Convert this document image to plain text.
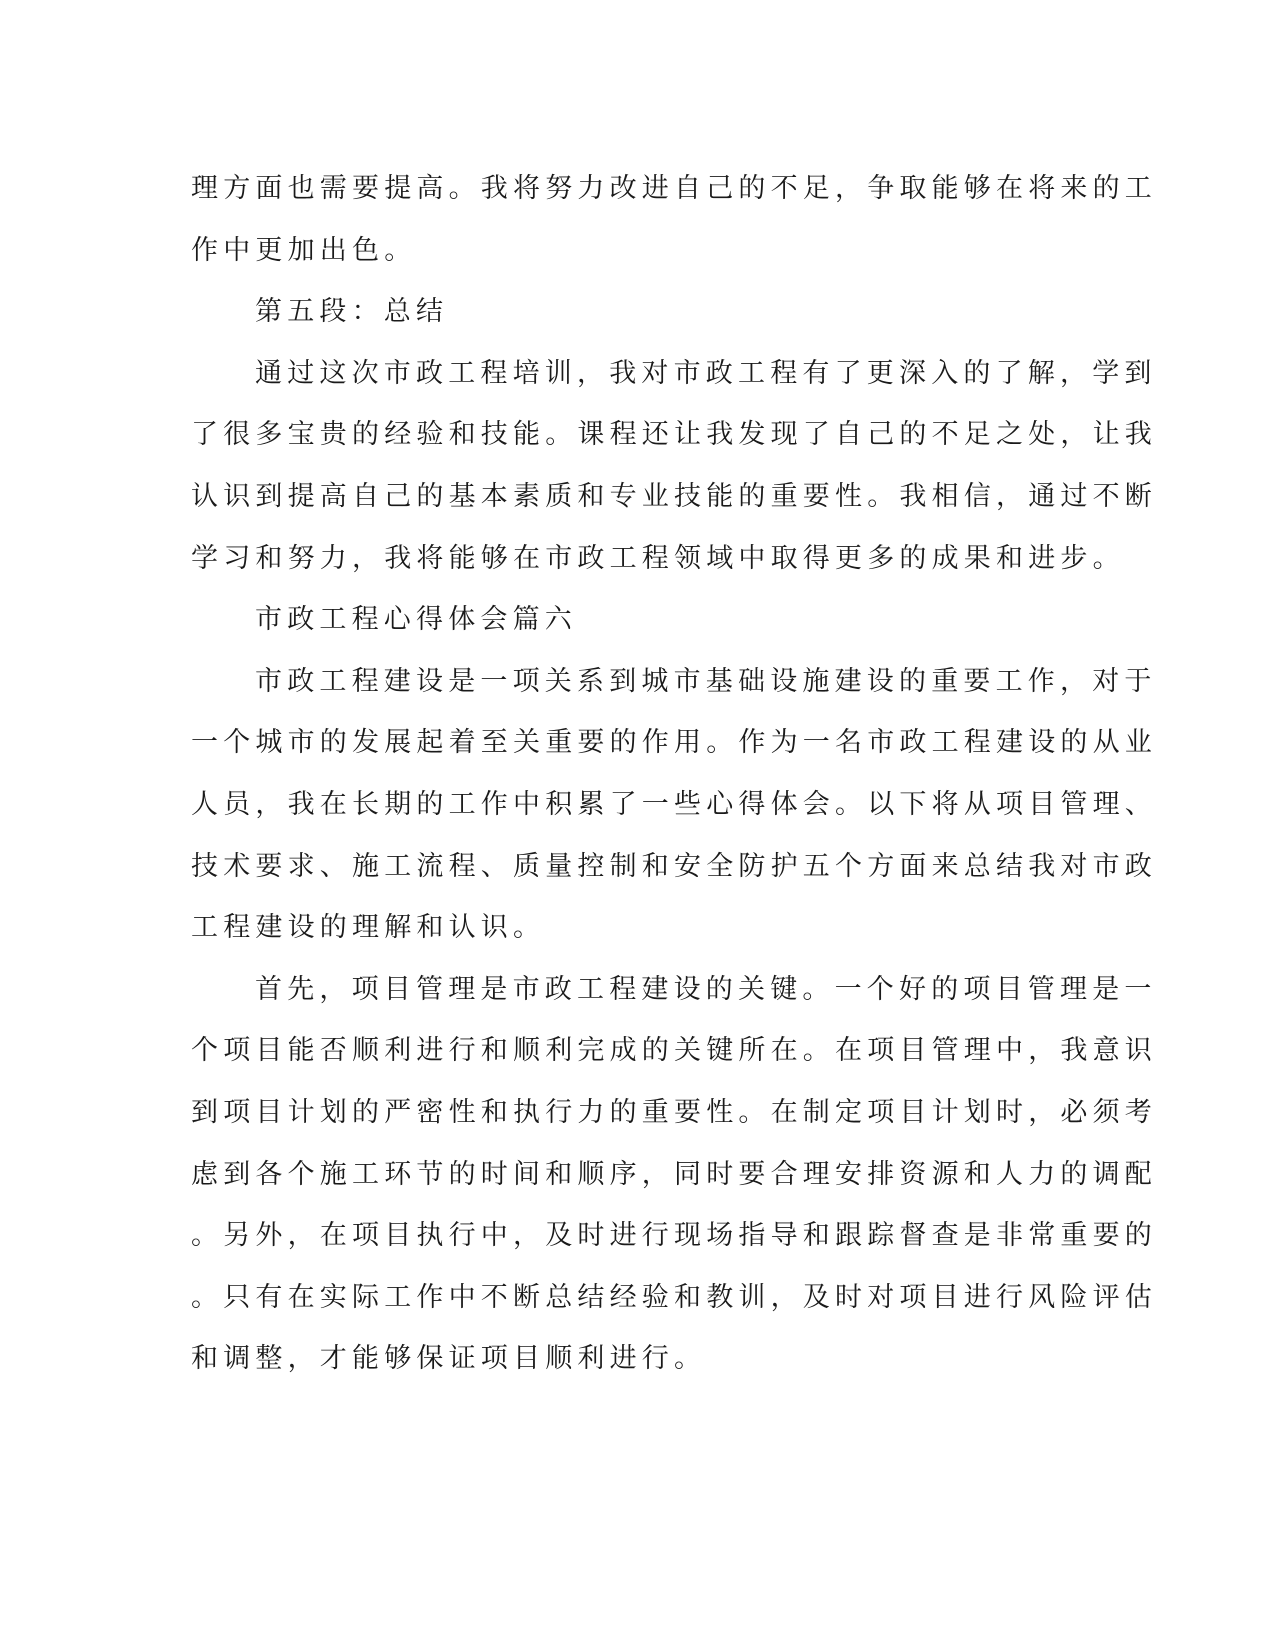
理方面也需要提高。我将努力改进自己的不足，争取能够在将来的工
作中更加出色。
第五段：总结
通过这次市政工程培训，我对市政工程有了更深入的了解，学到
了很多宝贵的经验和技能。课程还让我发现了自己的不足之处，让我
认识到提高自己的基本素质和专业技能的重要性。我相信，通过不断
学习和努力，我将能够在市政工程领域中取得更多的成果和进步。
市政工程心得体会篇六
市政工程建设是一项关系到城市基础设施建设的重要工作，对于
一个城市的发展起着至关重要的作用。作为一名市政工程建设的从业
人员，我在长期的工作中积累了一些心得体会。以下将从项目管理、
技术要求、施工流程、质量控制和安全防护五个方面来总结我对市政
工程建设的理解和认识。
首先，项目管理是市政工程建设的关键。一个好的项目管理是一
个项目能否顺利进行和顺利完成的关键所在。在项目管理中，我意识
到项目计划的严密性和执行力的重要性。在制定项目计划时，必须考
虑到各个施工环节的时间和顺序，同时要合理安排资源和人力的调配
。另外，在项目执行中，及时进行现场指导和跟踪督查是非常重要的
。只有在实际工作中不断总结经验和教训，及时对项目进行风险评估
和调整，才能够保证项目顺利进行。
